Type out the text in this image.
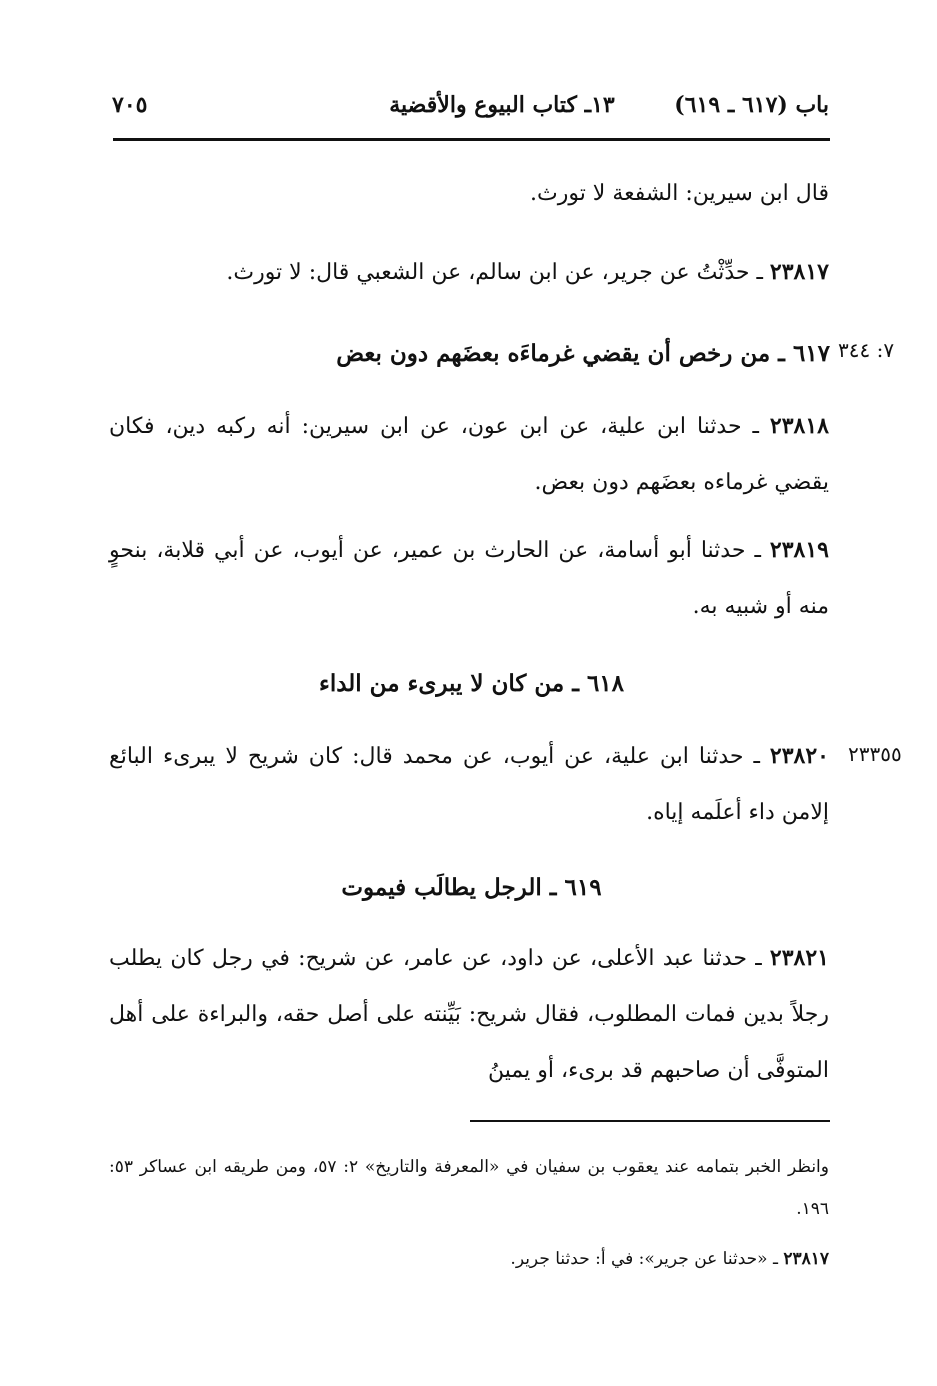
باب (٦١٧ ـ ٦١٩)
١٣ـ كتاب البيوع والأقضية
٧٠٥
قال ابن سيرين: الشفعة لا تورث.
٢٣٨١٧ ـ حدِّثْتُ عن جرير، عن ابن سالم، عن الشعبي قال: لا تورث.
٧: ٣٤٤
٦١٧ ـ من رخص أن يقضي غرماءَه بعضَهم دون بعض
٢٣٨١٨ ـ حدثنا ابن علية، عن ابن عون، عن ابن سيرين: أنه ركبه دين، فكان يقضي غرماءه بعضَهم دون بعض.
٢٣٨١٩ ـ حدثنا أبو أسامة، عن الحارث بن عمير، عن أيوب، عن أبي قلابة، بنحوٍ منه أو شبيه به.
٦١٨ ـ من كان لا يبرىء من الداء
٢٣٣٥٥
٢٣٨٢٠ ـ حدثنا ابن علية، عن أيوب، عن محمد قال: كان شريح لا يبرىء البائع إلامن داء أعلَمه إياه.
٦١٩ ـ الرجل يطالَب فيموت
٢٣٨٢١ ـ حدثنا عبد الأعلى، عن داود، عن عامر، عن شريح: في رجل كان يطلب رجلاً بدين فمات المطلوب، فقال شريح: بَيِّنته على أصل حقه، والبراءة على أهل المتوفَّى أن صاحبهم قد برىء، أو يمينُ
وانظر الخبر بتمامه عند يعقوب بن سفيان في «المعرفة والتاريخ» ٢: ٥٧، ومن طريقه ابن عساكر ٥٣: ١٩٦.
٢٣٨١٧ ـ «حدثنا عن جرير»: في أ: حدثنا جرير.
